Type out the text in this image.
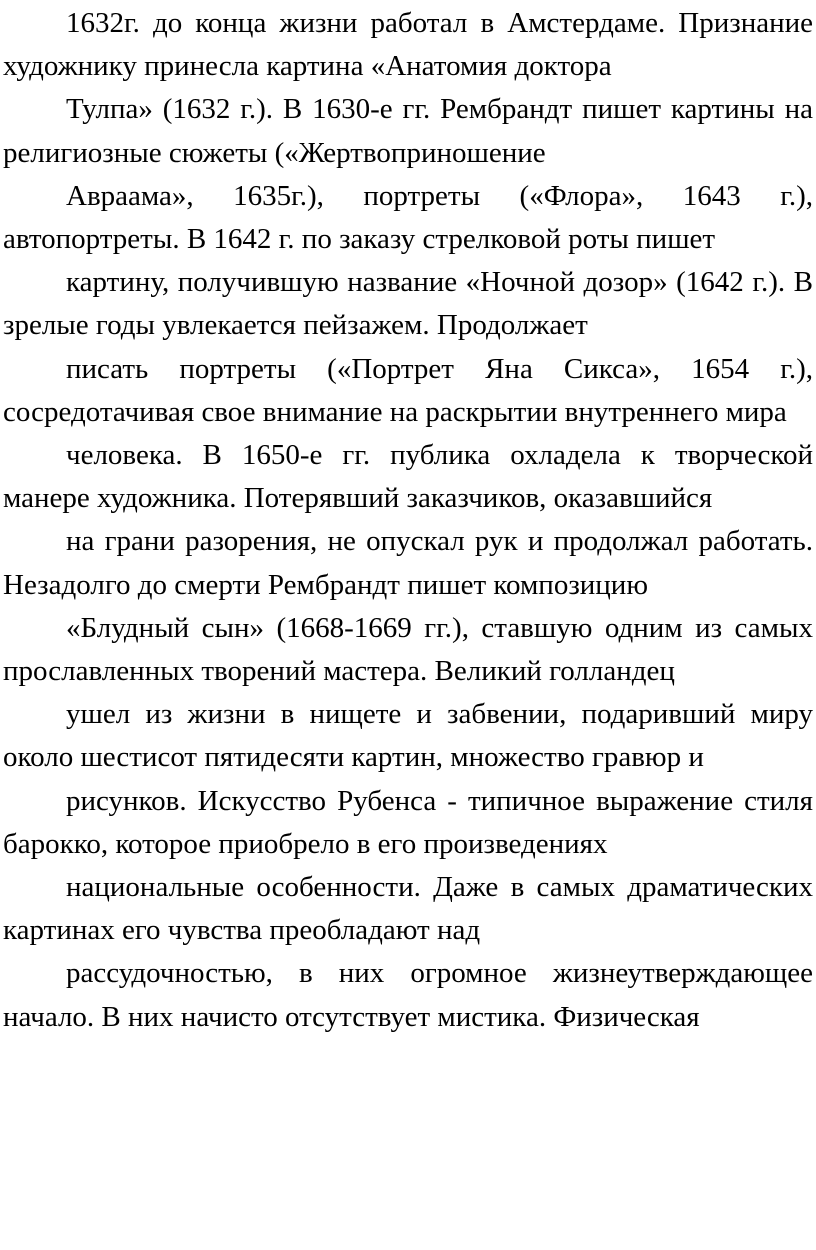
1632г. до конца жизни работал в Амстердаме. Признание художнику принесла картина «Анатомия доктора

Тулпа» (1632 г.). В 1630-е гг. Рембрандт пишет картины на религиозные сюжеты («Жертвоприношение

Авраама», 1635г.), портреты («Флора», 1643 г.), автопортреты. В 1642 г. по заказу стрелковой роты пишет

картину, получившую название «Ночной дозор» (1642 г.). В зрелые годы увлекается пейзажем. Продолжает

писать портреты («Портрет Яна Сикса», 1654 г.), сосредотачивая свое внимание на раскрытии внутреннего мира

человека. В 1650-е гг. публика охладела к творческой манере художника. Потерявший заказчиков, оказавшийся

на грани разорения, не опускал рук и продолжал работать. Незадолго до смерти Рембрандт пишет композицию

«Блудный сын» (1668-1669 гг.), ставшую одним из самых прославленных творений мастера. Великий голландец

ушел из жизни в нищете и забвении, подаривший миру около шестисот пятидесяти картин, множество гравюр и

рисунков. Искусство Рубенса - типичное выражение стиля барокко, которое приобрело в его произведениях

национальные особенности. Даже в самых драматических картинах его чувства преобладают над

рассудочностью, в них огромное жизнеутверждающее начало. В них начисто отсутствует мистика. Физическая
